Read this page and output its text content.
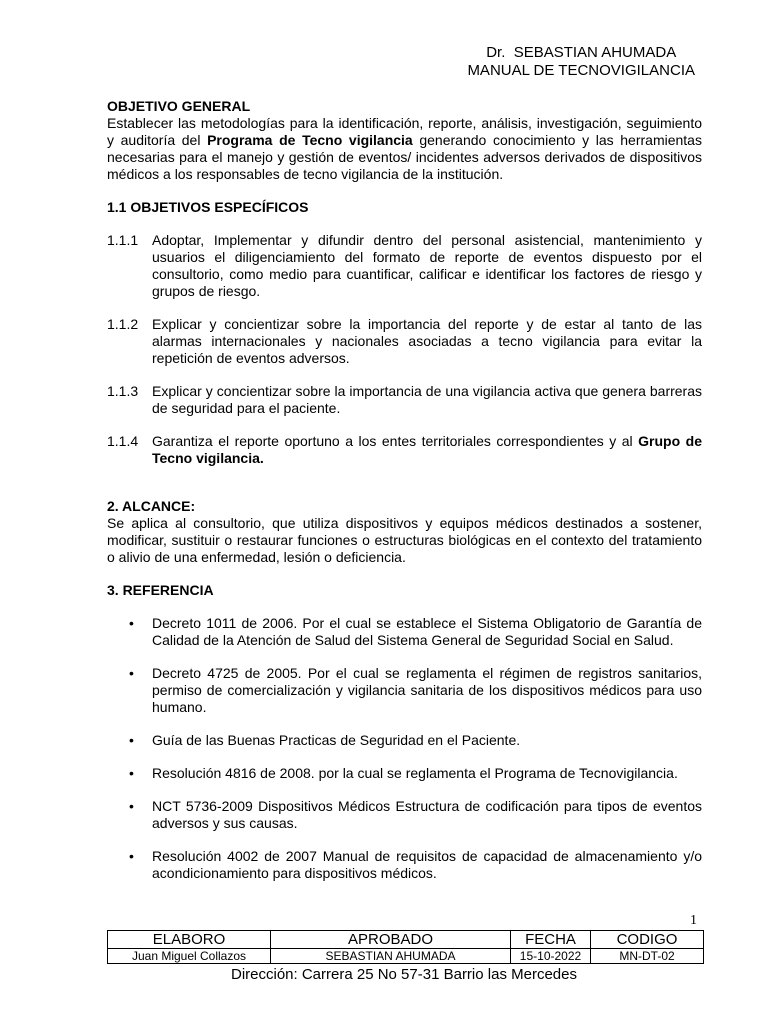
Dr.  SEBASTIAN AHUMADA
MANUAL DE TECNOVIGILANCIA

OBJETIVO GENERAL

Establecer las metodologías para la identificación, reporte, análisis, investigación, seguimiento y auditoría del Programa de Tecno vigilancia generando conocimiento y las herramientas necesarias para el manejo y gestión de eventos/ incidentes adversos derivados de dispositivos médicos a los responsables de tecno vigilancia de la institución.

1.1 OBJETIVOS ESPECÍFICOS

1.1.1 Adoptar, Implementar y difundir dentro del personal asistencial, mantenimiento y usuarios el diligenciamiento del formato de reporte de eventos dispuesto por el consultorio, como medio para cuantificar, calificar e identificar los factores de riesgo y grupos de riesgo.
1.1.2 Explicar y concientizar sobre la importancia del reporte y de estar al tanto de las alarmas internacionales y nacionales asociadas a tecno vigilancia para evitar la repetición de eventos adversos.
1.1.3 Explicar y concientizar sobre la importancia de una vigilancia activa que genera barreras de seguridad para el paciente.
1.1.4 Garantiza el reporte oportuno a los entes territoriales correspondientes y al Grupo de Tecno vigilancia.

2. ALCANCE:

Se aplica al consultorio, que utiliza dispositivos y equipos médicos destinados a sostener, modificar, sustituir o restaurar funciones o estructuras biológicas en el contexto del tratamiento o alivio de una enfermedad, lesión o deficiencia.

3. REFERENCIA

•	Decreto 1011 de 2006. Por el cual se establece el Sistema Obligatorio de Garantía de Calidad de la Atención de Salud del Sistema General de Seguridad Social en Salud.
•	Decreto 4725 de 2005. Por el cual se reglamenta el régimen de registros sanitarios, permiso de comercialización y vigilancia sanitaria de los dispositivos médicos para uso humano.
•	Guía de las Buenas Practicas de Seguridad en el Paciente.
•	Resolución 4816 de 2008. por la cual se reglamenta el Programa de Tecnovigilancia.
•	NCT 5736-2009 Dispositivos Médicos Estructura de codificación para tipos de eventos adversos y sus causas.
•	Resolución 4002 de 2007 Manual de requisitos de capacidad de almacenamiento y/o acondicionamiento para dispositivos médicos.
1
ELABORO	APROBADO	FECHA	CODIGO
Juan Miguel Collazos	SEBASTIAN AHUMADA	15-10-2022	MN-DT-02
Dirección: Carrera 25 No 57-31 Barrio las Mercedes
